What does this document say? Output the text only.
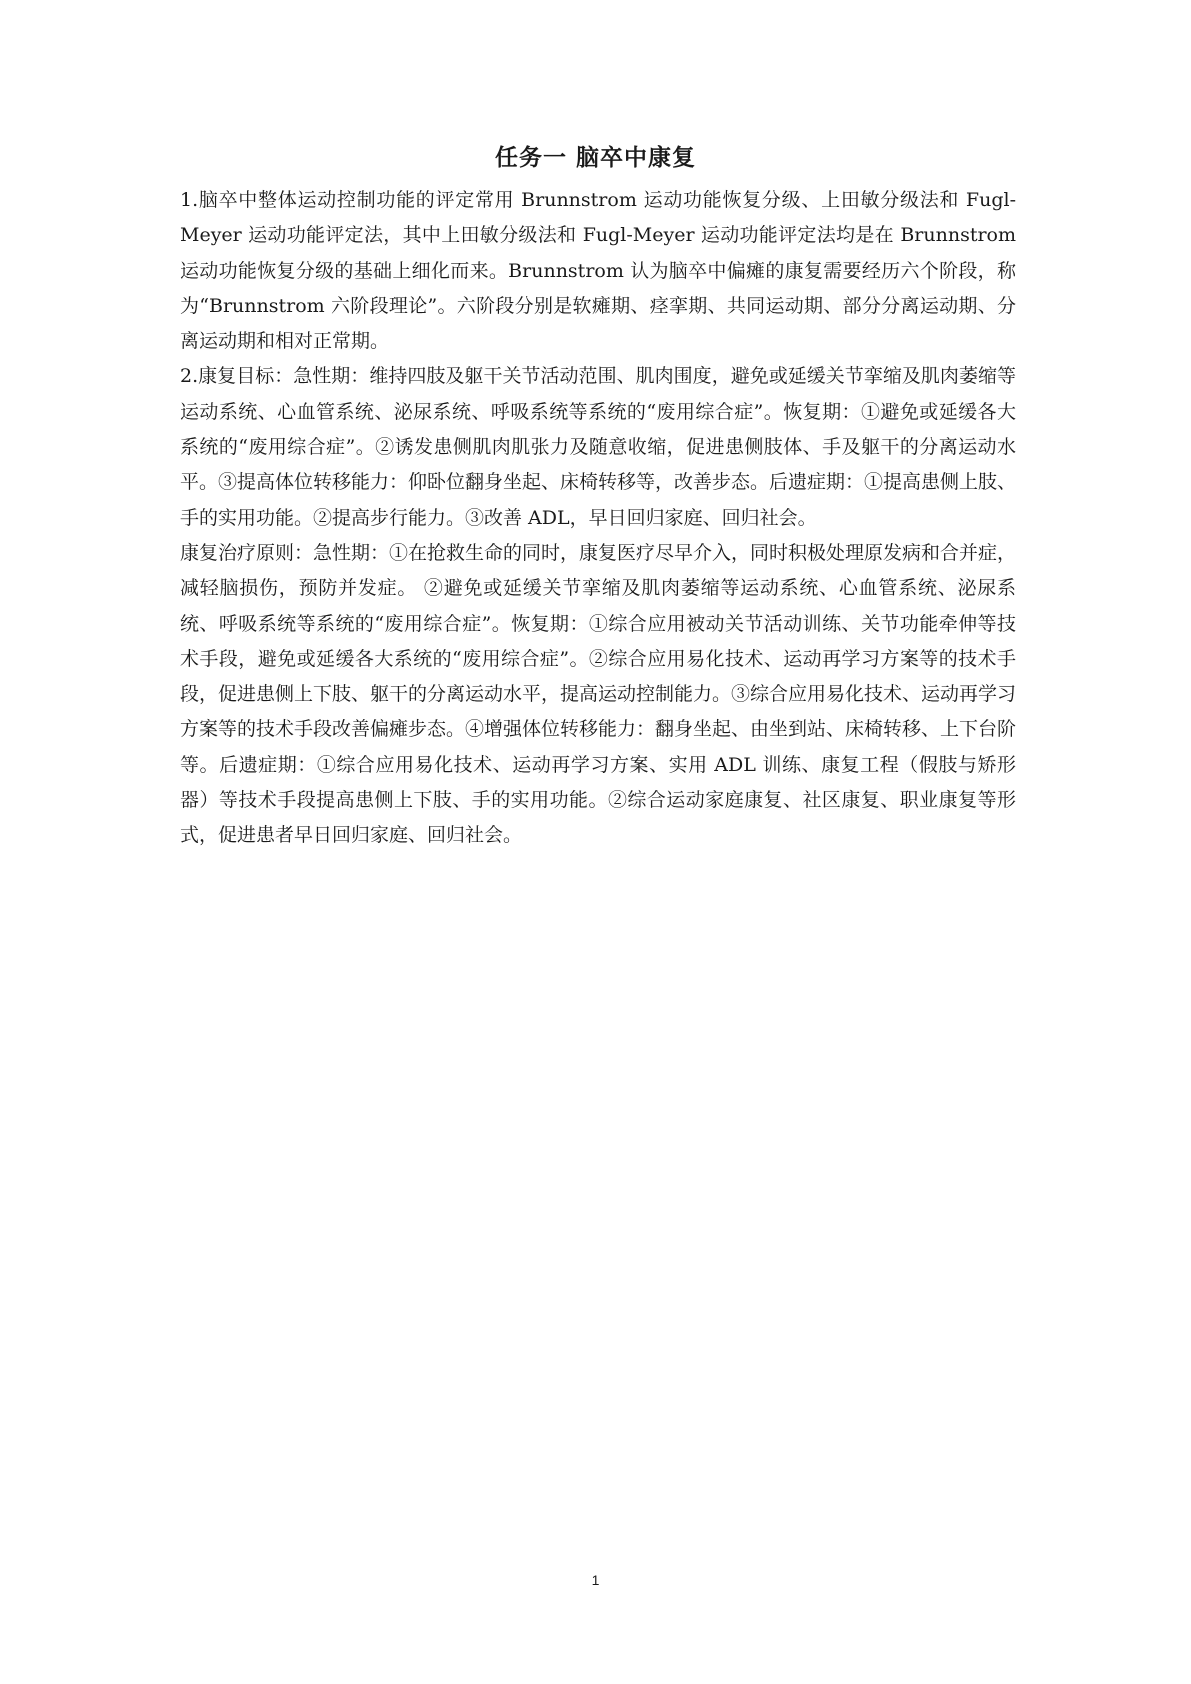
任务一 脑卒中康复

1.脑卒中整体运动控制功能的评定常用 Brunnstrom 运动功能恢复分级、上田敏分级法和 Fugl-Meyer 运动功能评定法，其中上田敏分级法和 Fugl-Meyer 运动功能评定法均是在 Brunnstrom 运动功能恢复分级的基础上细化而来。Brunnstrom 认为脑卒中偏瘫的康复需要经历六个阶段，称为“Brunnstrom 六阶段理论”。六阶段分别是软瘫期、痉挛期、共同运动期、部分分离运动期、分离运动期和相对正常期。

2.康复目标：急性期：维持四肢及躯干关节活动范围、肌肉围度，避免或延缓关节挛缩及肌肉萎缩等运动系统、心血管系统、泌尿系统、呼吸系统等系统的“废用综合症”。恢复期：①避免或延缓各大系统的“废用综合症”。②诱发患侧肌肉肌张力及随意收缩，促进患侧肢体、手及躯干的分离运动水平。③提高体位转移能力：仰卧位翻身坐起、床椅转移等，改善步态。后遗症期：①提高患侧上肢、手的实用功能。②提高步行能力。③改善 ADL，早日回归家庭、回归社会。

康复治疗原则：急性期：①在抢救生命的同时，康复医疗尽早介入，同时积极处理原发病和合并症，减轻脑损伤，预防并发症。 ②避免或延缓关节挛缩及肌肉萎缩等运动系统、心血管系统、泌尿系统、呼吸系统等系统的“废用综合症”。恢复期：①综合应用被动关节活动训练、关节功能牵伸等技术手段，避免或延缓各大系统的“废用综合症”。②综合应用易化技术、运动再学习方案等的技术手段，促进患侧上下肢、躯干的分离运动水平，提高运动控制能力。③综合应用易化技术、运动再学习方案等的技术手段改善偏瘫步态。④增强体位转移能力：翻身坐起、由坐到站、床椅转移、上下台阶等。后遗症期：①综合应用易化技术、运动再学习方案、实用 ADL 训练、康复工程（假肢与矫形器）等技术手段提高患侧上下肢、手的实用功能。②综合运动家庭康复、社区康复、职业康复等形式，促进患者早日回归家庭、回归社会。

1
